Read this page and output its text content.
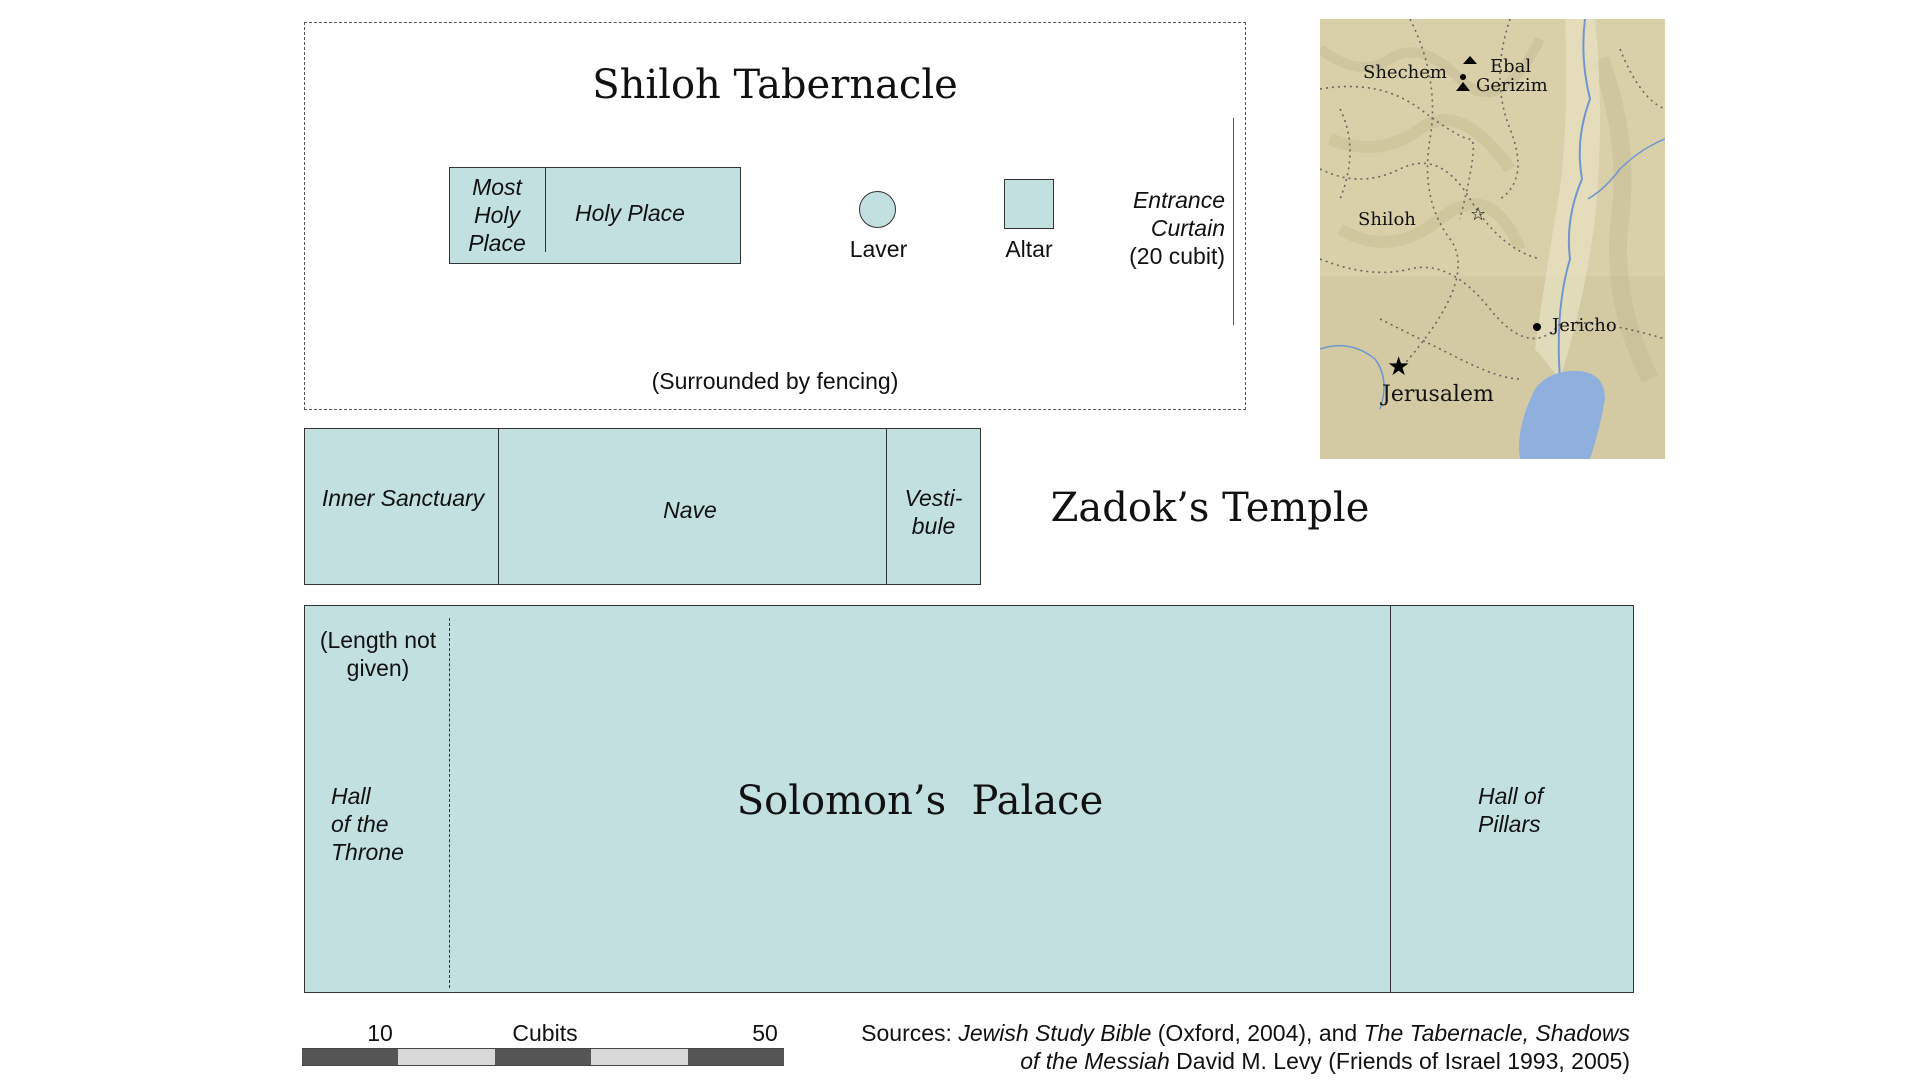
Shiloh Tabernacle
Most Holy Place
Holy Place
Laver	Altar
Entrance
Curtain
(20 cubit)
(Surrounded by fencing)
☆
★
Shechem Ebal
Gerizim
Shiloh
Jericho
Jerusalem
Inner Sanctuary	Nave	Vesti-
bule	Zadok’s Temple
(Length not given)
Hall
of the
Throne
Solomon’s  Palace	Hall of
Pillars
10	Cubits	50	Sources: Jewish Study Bible (Oxford, 2004), and The Tabernacle, Shadows of the Messiah David M. Levy (Friends of Israel 1993, 2005)
